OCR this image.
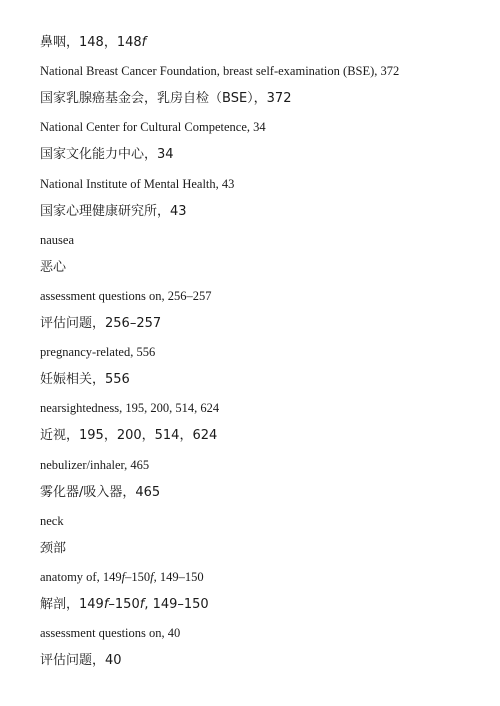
鼻咽，148，148f
National Breast Cancer Foundation, breast self-examination (BSE), 372
国家乳腺癌基金会，乳房自检（BSE），372
National Center for Cultural Competence, 34
国家文化能力中心，34
National Institute of Mental Health, 43
国家心理健康研究所，43
nausea
恶心
assessment questions on, 256–257
评估问题，256–257
pregnancy-related, 556
妊娠相关，556
nearsightedness, 195, 200, 514, 624
近视，195，200，514，624
nebulizer/inhaler, 465
雾化器/吸入器，465
neck
颈部
anatomy of, 149f–150f, 149–150
解剖，149f–150f, 149–150
assessment questions on, 40
评估问题，40
